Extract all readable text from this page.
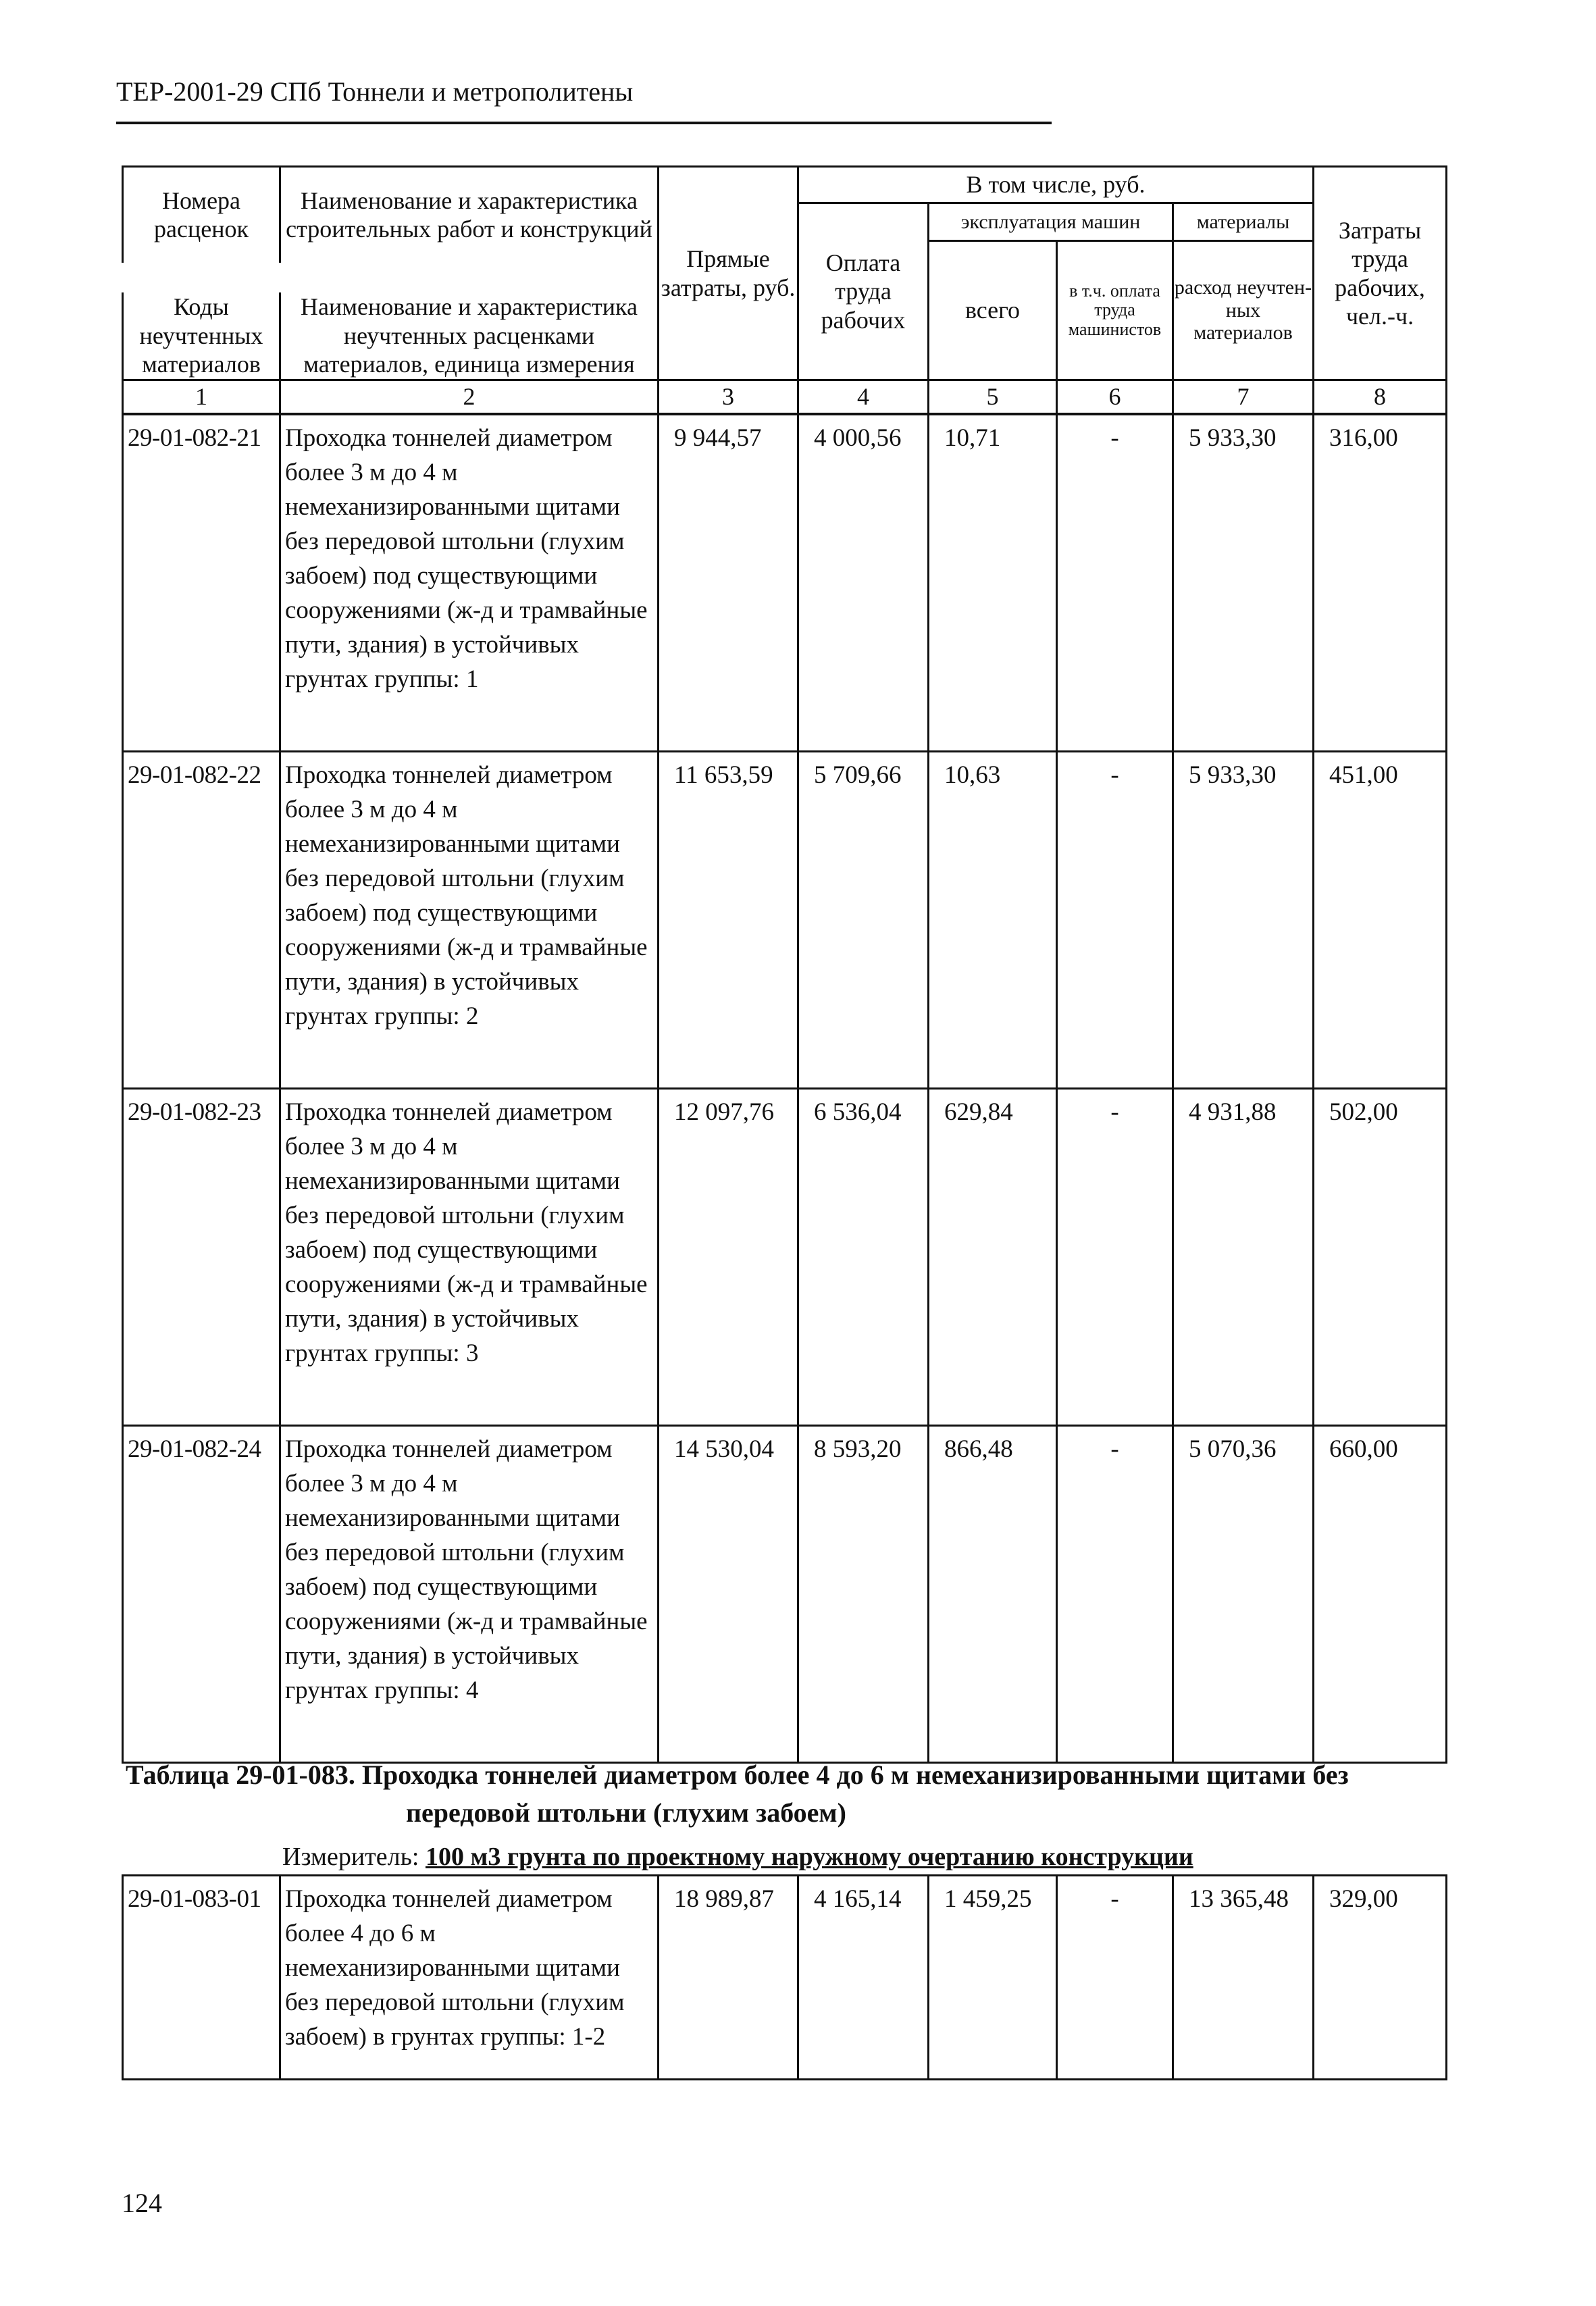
ТЕР-2001-29 СПб Тоннели и метрополитены
Номера расценок	Наименование и характеристика строительных работ и конструкций	Прямые затраты, руб.	В том числе, руб.				Затраты труда рабочих, чел.-ч.
			Оплата труда рабочих	эксплуатация машин		материалы	
				всего	в т.ч. оплата труда машинистов	расход неучтен-ных материалов	

Коды неучтенных материалов	Наименование и характеристика неучтенных расценками материалов, единица измерения						

1	2	3	4	5	6	7	8
29-01-082-21	Проходка тоннелей диаметром более 3 м до 4 м немеханизированными щитами без передовой штольни (глухим забоем) под существующими сооружениями (ж-д и трамвайные пути, здания) в устойчивых грунтах группы: 1	9 944,57	4 000,56	10,71	-	5 933,30	316,00
29-01-082-22	Проходка тоннелей диаметром более 3 м до 4 м немеханизированными щитами без передовой штольни (глухим забоем) под существующими сооружениями (ж-д и трамвайные пути, здания) в устойчивых грунтах группы: 2	11 653,59	5 709,66	10,63	-	5 933,30	451,00
29-01-082-23	Проходка тоннелей диаметром более 3 м до 4 м немеханизированными щитами без передовой штольни (глухим забоем) под существующими сооружениями (ж-д и трамвайные пути, здания) в устойчивых грунтах группы: 3	12 097,76	6 536,04	629,84	-	4 931,88	502,00
29-01-082-24	Проходка тоннелей диаметром более 3 м до 4 м немеханизированными щитами без передовой штольни (глухим забоем) под существующими сооружениями (ж-д и трамвайные пути, здания) в устойчивых грунтах группы: 4	14 530,04	8 593,20	866,48	-	5 070,36	660,00
Таблица 29-01-083. Проходка тоннелей диаметром более 4 до 6 м немеханизированными щитами без
передовой штольни (глухим забоем)
Измеритель: 100 м3 грунта по проектному наружному очертанию конструкции
29-01-083-01	Проходка тоннелей диаметром более 4 до 6 м немеханизированными щитами без передовой штольни (глухим забоем) в грунтах группы: 1-2	18 989,87	4 165,14	1 459,25	-	13 365,48	329,00
124
